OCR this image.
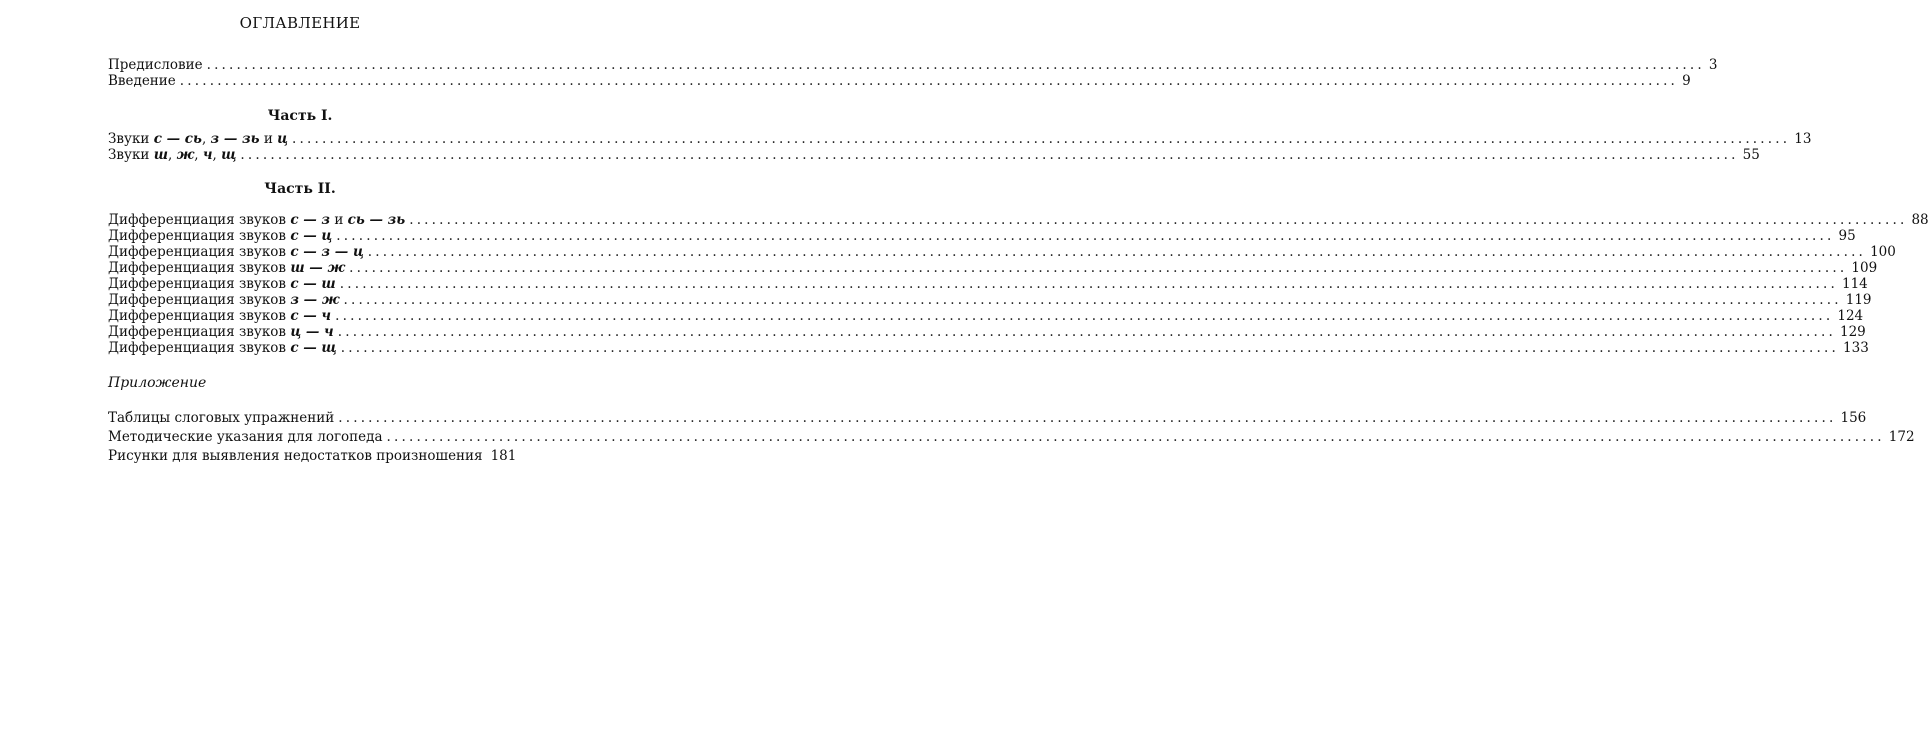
ОГЛАВЛЕНИЕ
Предисловие ........................................................................................................................................................................................................ 3
Введение ........................................................................................................................................................................................................ 9
Часть I.
Звуки с — сь, з — зь и ц ........................................................................................................................................................................................................ 13
Звуки ш, ж, ч, щ ........................................................................................................................................................................................................ 55
Часть II.
Дифференциация звуков с — з и сь — зь ........................................................................................................................................................................................................ 88
Дифференциация звуков с — ц ........................................................................................................................................................................................................ 95
Дифференциация звуков с — з — ц ........................................................................................................................................................................................................ 100
Дифференциация звуков ш — ж ........................................................................................................................................................................................................ 109
Дифференциация звуков с — ш ........................................................................................................................................................................................................ 114
Дифференциация звуков з — ж ........................................................................................................................................................................................................ 119
Дифференциация звуков с — ч ........................................................................................................................................................................................................ 124
Дифференциация звуков ц — ч ........................................................................................................................................................................................................ 129
Дифференциация звуков с — щ ........................................................................................................................................................................................................ 133
Приложение
Таблицы слоговых упражнений ........................................................................................................................................................................................................ 156
Методические указания для логопеда ........................................................................................................................................................................................................ 172
Рисунки для выявления недостатков произношения 181
